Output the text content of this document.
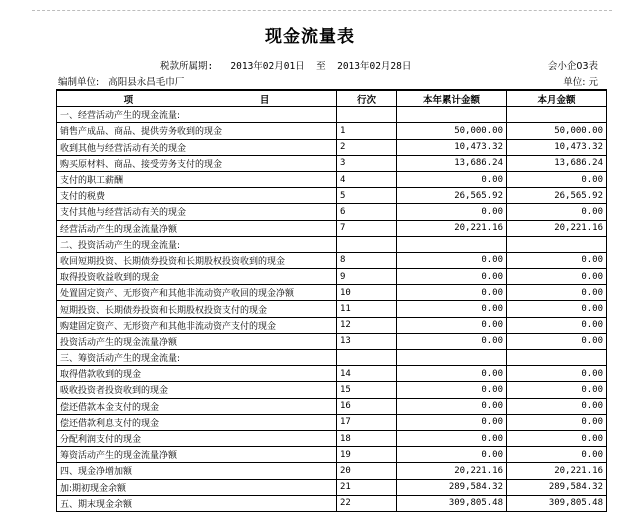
现金流量表
税款所属期: 2013年02月01日 至 2013年02月28日	会小企03表
编制单位: 高阳县永昌毛巾厂	单位: 元
项 目	行次	本年累计金额	本月金额
一、经营活动产生的现金流量:			
销售产成品、商品、提供劳务收到的现金	1	50,000.00	50,000.00
收到其他与经营活动有关的现金	2	10,473.32	10,473.32
购买原材料、商品、接受劳务支付的现金	3	13,686.24	13,686.24
支付的职工薪酬	4	0.00	0.00
支付的税费	5	26,565.92	26,565.92
支付其他与经营活动有关的现金	6	0.00	0.00
经营活动产生的现金流量净额	7	20,221.16	20,221.16
二、投资活动产生的现金流量:			
收回短期投资、长期债券投资和长期股权投资收到的现金	8	0.00	0.00
取得投资收益收到的现金	9	0.00	0.00
处置固定资产、无形资产和其他非流动资产收回的现金净额	10	0.00	0.00
短期投资、长期债券投资和长期股权投资支付的现金	11	0.00	0.00
购建固定资产、无形资产和其他非流动资产支付的现金	12	0.00	0.00
投资活动产生的现金流量净额	13	0.00	0.00
三、筹资活动产生的现金流量:			
取得借款收到的现金	14	0.00	0.00
吸收投资者投资收到的现金	15	0.00	0.00
偿还借款本金支付的现金	16	0.00	0.00
偿还借款利息支付的现金	17	0.00	0.00
分配利润支付的现金	18	0.00	0.00
筹资活动产生的现金流量净额	19	0.00	0.00
四、现金净增加额	20	20,221.16	20,221.16
加:期初现金余额	21	289,584.32	289,584.32
五、期末现金余额	22	309,805.48	309,805.48
